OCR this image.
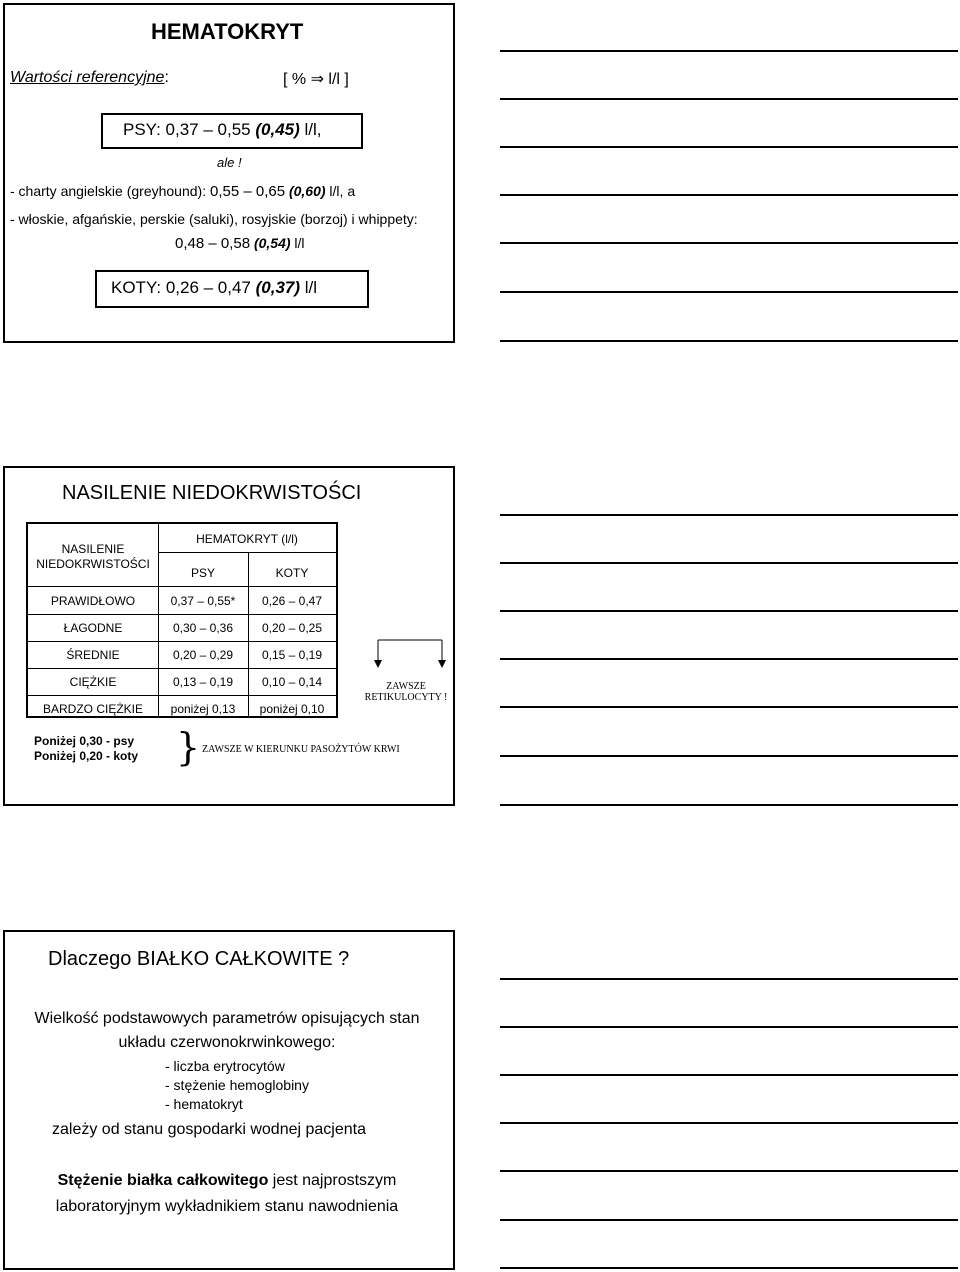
HEMATOKRYT
Wartości referencyjne:	[ % ⇒ l/l ]
PSY: 0,37 – 0,55 (0,45) l/l,
ale !
- charty angielskie (greyhound): 0,55 – 0,65 (0,60) l/l, a
- włoskie, afgańskie, perskie (saluki), rosyjskie (borzoj) i whippety:
0,48 – 0,58 (0,54) l/l
KOTY: 0,26 – 0,47 (0,37) l/l
NASILENIE NIEDOKRWISTOŚCI
NASILENIE
NIEDOKRWISTOŚCI
HEMATOKRYT (l/l)
PSY	KOTY
PRAWIDŁOWO	0,37 – 0,55*	0,26 – 0,47
ŁAGODNE	0,30 – 0,36	0,20 – 0,25
ŚREDNIE	0,20 – 0,29	0,15 – 0,19
CIĘŻKIE	0,13 – 0,19	0,10 – 0,14
BARDZO CIĘŻKIE	poniżej 0,13	poniżej 0,10
ZAWSZE
RETIKULOCYTY !
Poniżej 0,30 - psy
Poniżej 0,20 - koty } ZAWSZE W KIERUNKU PASOŻYTÓW KRWI
Dlaczego BIAŁKO CAŁKOWITE ?
Wielkość podstawowych parametrów opisujących stan
układu czerwonokrwinkowego:
- liczba erytrocytów
- stężenie hemoglobiny
- hematokryt
zależy od stanu gospodarki wodnej pacjenta
Stężenie białka całkowitego jest najprostszym
laboratoryjnym wykładnikiem stanu nawodnienia
